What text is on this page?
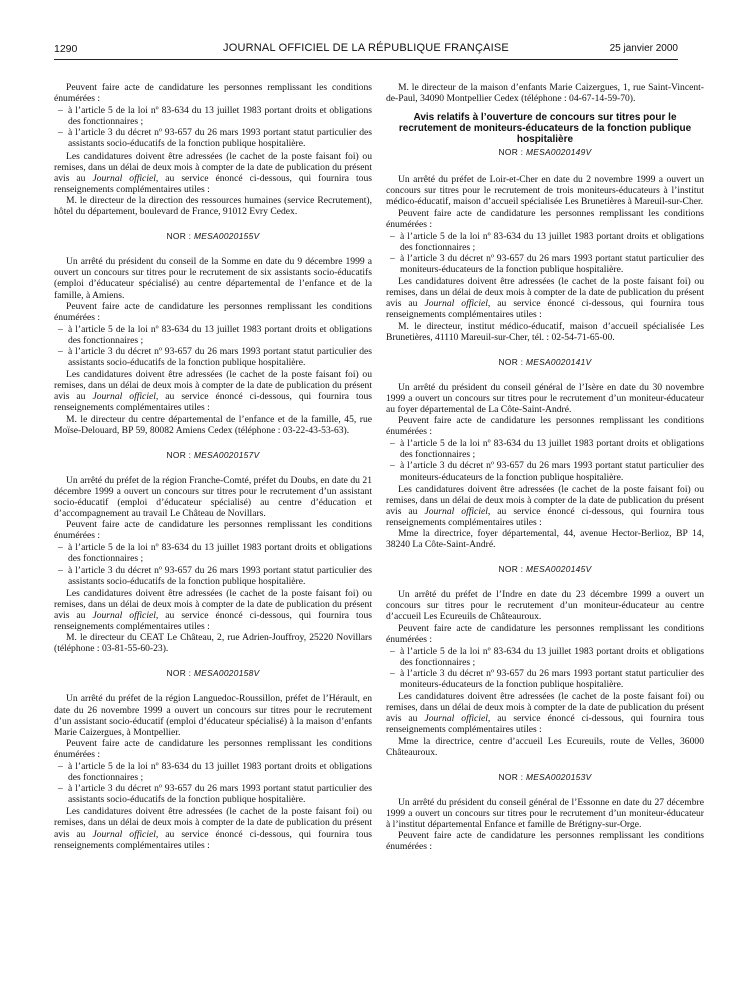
1290	JOURNAL OFFICIEL DE LA RÉPUBLIQUE FRANÇAISE	25 janvier 2000

Peuvent faire acte de candidature les personnes remplissant les conditions énumérées :

– à l’article 5 de la loi nº 83-634 du 13 juillet 1983 portant droits et obligations des fonctionnaires ;
– à l’article 3 du décret nº 93-657 du 26 mars 1993 portant statut particulier des assistants socio-éducatifs de la fonction publique hospitalière.

Les candidatures doivent être adressées (le cachet de la poste faisant foi) ou remises, dans un délai de deux mois à compter de la date de publication du présent avis au Journal officiel, au service énoncé ci-dessous, qui fournira tous renseignements complémentaires utiles :

M. le directeur de la direction des ressources humaines (service Recrutement), hôtel du département, boulevard de France, 91012 Evry Cedex.

NOR : MESA0020155V

Un arrêté du président du conseil de la Somme en date du 9 décembre 1999 a ouvert un concours sur titres pour le recrutement de six assistants socio-éducatifs (emploi d’éducateur spécialisé) au centre départemental de l’enfance et de la famille, à Amiens.

Peuvent faire acte de candidature les personnes remplissant les conditions énumérées :

– à l’article 5 de la loi nº 83-634 du 13 juillet 1983 portant droits et obligations des fonctionnaires ;
– à l’article 3 du décret nº 93-657 du 26 mars 1993 portant statut particulier des assistants socio-éducatifs de la fonction publique hospitalière.

Les candidatures doivent être adressées (le cachet de la poste faisant foi) ou remises, dans un délai de deux mois à compter de la date de publication du présent avis au Journal officiel, au service énoncé ci-dessous, qui fournira tous renseignements complémentaires utiles :

M. le directeur du centre départemental de l’enfance et de la famille, 45, rue Moïse-Delouard, BP 59, 80082 Amiens Cedex (téléphone : 03-22-43-53-63).

NOR : MESA0020157V

Un arrêté du préfet de la région Franche-Comté, préfet du Doubs, en date du 21 décembre 1999 a ouvert un concours sur titres pour le recrutement d’un assistant socio-éducatif (emploi d’éducateur spécialisé) au centre d’éducation et d’accompagnement au travail Le Château de Novillars.

Peuvent faire acte de candidature les personnes remplissant les conditions énumérées :

– à l’article 5 de la loi nº 83-634 du 13 juillet 1983 portant droits et obligations des fonctionnaires ;
– à l’article 3 du décret nº 93-657 du 26 mars 1993 portant statut particulier des assistants socio-éducatifs de la fonction publique hospitalière.

Les candidatures doivent être adressées (le cachet de la poste faisant foi) ou remises, dans un délai de deux mois à compter de la date de publication du présent avis au Journal officiel, au service énoncé ci-dessous, qui fournira tous renseignements complémentaires utiles :

M. le directeur du CEAT Le Château, 2, rue Adrien-Jouffroy, 25220 Novillars (téléphone : 03-81-55-60-23).

NOR : MESA0020158V

Un arrêté du préfet de la région Languedoc-Roussillon, préfet de l’Hérault, en date du 26 novembre 1999 a ouvert un concours sur titres pour le recrutement d’un assistant socio-éducatif (emploi d’éducateur spécialisé) à la maison d’enfants Marie Caizergues, à Montpellier.

Peuvent faire acte de candidature les personnes remplissant les conditions énumérées :

– à l’article 5 de la loi nº 83-634 du 13 juillet 1983 portant droits et obligations des fonctionnaires ;
– à l’article 3 du décret nº 93-657 du 26 mars 1993 portant statut particulier des assistants socio-éducatifs de la fonction publique hospitalière.

Les candidatures doivent être adressées (le cachet de la poste faisant foi) ou remises, dans un délai de deux mois à compter de la date de publication du présent avis au Journal officiel, au service énoncé ci-dessous, qui fournira tous renseignements complémentaires utiles :

M. le directeur de la maison d’enfants Marie Caizergues, 1, rue Saint-Vincent-de-Paul, 34090 Montpellier Cedex (téléphone : 04-67-14-59-70).

Avis relatifs à l’ouverture de concours sur titres pour le recrutement de moniteurs-éducateurs de la fonction publique hospitalière
NOR : MESA0020149V

Un arrêté du préfet de Loir-et-Cher en date du 2 novembre 1999 a ouvert un concours sur titres pour le recrutement de trois moniteurs-éducateurs à l’institut médico-éducatif, maison d’accueil spécialisée Les Brunetières à Mareuil-sur-Cher.

Peuvent faire acte de candidature les personnes remplissant les conditions énumérées :

– à l’article 5 de la loi nº 83-634 du 13 juillet 1983 portant droits et obligations des fonctionnaires ;
– à l’article 3 du décret nº 93-657 du 26 mars 1993 portant statut particulier des moniteurs-éducateurs de la fonction publique hospitalière.

Les candidatures doivent être adressées (le cachet de la poste faisant foi) ou remises, dans un délai de deux mois à compter de la date de publication du présent avis au Journal officiel, au service énoncé ci-dessous, qui fournira tous renseignements complémentaires utiles :

M. le directeur, institut médico-éducatif, maison d’accueil spécialisée Les Brunetières, 41110 Mareuil-sur-Cher, tél. : 02-54-71-65-00.

NOR : MESA0020141V

Un arrêté du président du conseil général de l’Isère en date du 30 novembre 1999 a ouvert un concours sur titres pour le recrutement d’un moniteur-éducateur au foyer départemental de La Côte-Saint-André.

Peuvent faire acte de candidature les personnes remplissant les conditions énumérées :

– à l’article 5 de la loi nº 83-634 du 13 juillet 1983 portant droits et obligations des fonctionnaires ;
– à l’article 3 du décret nº 93-657 du 26 mars 1993 portant statut particulier des moniteurs-éducateurs de la fonction publique hospitalière.

Les candidatures doivent être adressées (le cachet de la poste faisant foi) ou remises, dans un délai de deux mois à compter de la date de publication du présent avis au Journal officiel, au service énoncé ci-dessous, qui fournira tous renseignements complémentaires utiles :

Mme la directrice, foyer départemental, 44, avenue Hector-Berlioz, BP 14, 38240 La Côte-Saint-André.

NOR : MESA0020145V

Un arrêté du préfet de l’Indre en date du 23 décembre 1999 a ouvert un concours sur titres pour le recrutement d’un moniteur-éducateur au centre d’accueil Les Ecureuils de Châteauroux.

Peuvent faire acte de candidature les personnes remplissant les conditions énumérées :

– à l’article 5 de la loi nº 83-634 du 13 juillet 1983 portant droits et obligations des fonctionnaires ;
– à l’article 3 du décret nº 93-657 du 26 mars 1993 portant statut particulier des moniteurs-éducateurs de la fonction publique hospitalière.

Les candidatures doivent être adressées (le cachet de la poste faisant foi) ou remises, dans un délai de deux mois à compter de la date de publication du présent avis au Journal officiel, au service énoncé ci-dessous, qui fournira tous renseignements complémentaires utiles :

Mme la directrice, centre d’accueil Les Ecureuils, route de Velles, 36000 Châteauroux.

NOR : MESA0020153V

Un arrêté du président du conseil général de l’Essonne en date du 27 décembre 1999 a ouvert un concours sur titres pour le recrutement d’un moniteur-éducateur à l’institut départemental Enfance et famille de Brétigny-sur-Orge.

Peuvent faire acte de candidature les personnes remplissant les conditions énumérées :
